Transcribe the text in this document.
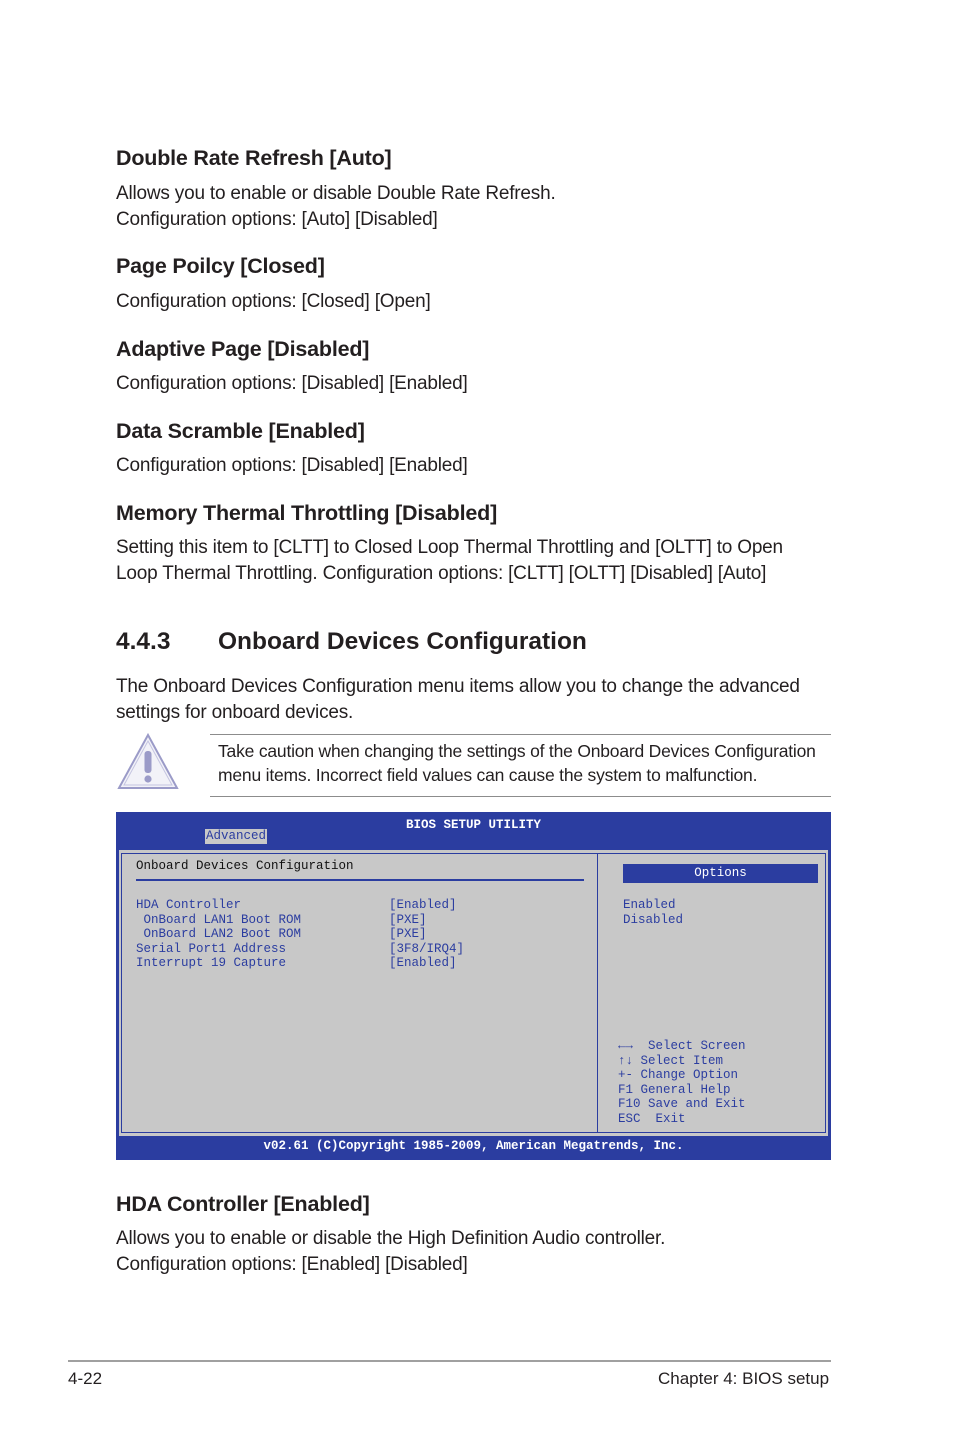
Double Rate Refresh [Auto]
Allows you to enable or disable Double Rate Refresh.
Configuration options: [Auto] [Disabled]
Page Poilcy [Closed]
Configuration options: [Closed] [Open]
Adaptive Page [Disabled]
Configuration options: [Disabled] [Enabled]
Data Scramble [Enabled]
Configuration options: [Disabled] [Enabled]
Memory Thermal Throttling [Disabled]
Setting this item to [CLTT] to Closed Loop Thermal Throttling and [OLTT] to Open
Loop Thermal Throttling. Configuration options: [CLTT] [OLTT] [Disabled] [Auto]
4.4.3 Onboard Devices Configuration
The Onboard Devices Configuration menu items allow you to change the advanced
settings for onboard devices.
Take caution when changing the settings of the Onboard Devices Configuration
menu items. Incorrect field values can cause the system to malfunction.
BIOS SETUP UTILITY
Advanced
Onboard Devices Configuration
HDA Controller	[Enabled]
OnBoard LAN1 Boot ROM	[PXE]
OnBoard LAN2 Boot ROM	[PXE]
Serial Port1 Address	[3F8/IRQ4]
Interrupt 19 Capture	[Enabled]
Options
Enabled
Disabled
←→  Select Screen
↑↓ Select Item
+- Change Option
F1 General Help
F10 Save and Exit
ESC  Exit
v02.61 (C)Copyright 1985-2009, American Megatrends, Inc.
HDA Controller [Enabled]
Allows you to enable or disable the High Definition Audio controller.
Configuration options: [Enabled] [Disabled]
4-22	Chapter 4: BIOS setup
